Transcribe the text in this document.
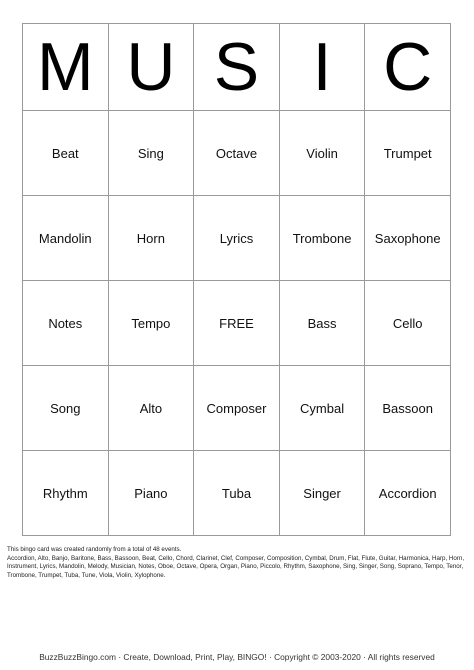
M	U	S	I	C
Beat	Sing	Octave	Violin	Trumpet
Mandolin	Horn	Lyrics	Trombone	Saxophone
Notes	Tempo	FREE	Bass	Cello
Song	Alto	Composer	Cymbal	Bassoon
Rhythm	Piano	Tuba	Singer	Accordion

This bingo card was created randomly from a total of 48 events.

Accordion, Alto, Banjo, Baritone, Bass, Bassoon, Beat, Cello, Chord, Clarinet, Clef, Composer, Composition, Cymbal, Drum, Flat, Flute, Guitar, Harmonica, Harp, Horn, Instrument, Lyrics, Mandolin, Melody, Musician, Notes, Oboe, Octave, Opera, Organ, Piano, Piccolo, Rhythm, Saxophone, Sing, Singer, Song, Soprano, Tempo, Tenor, Trombone, Trumpet, Tuba, Tune, Viola, Violin, Xylophone.

BuzzBuzzBingo.com · Create, Download, Print, Play, BINGO! · Copyright © 2003-2020 · All rights reserved
